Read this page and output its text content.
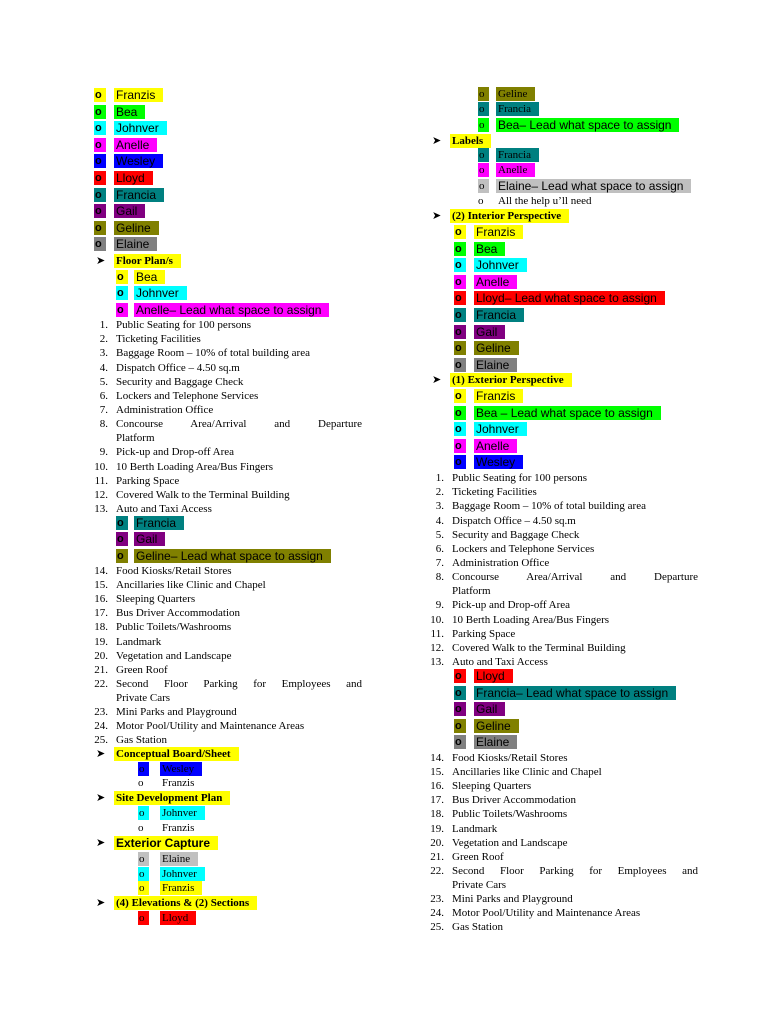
o	Franzis
o	Bea
o	Johnver
o	Anelle
o	Wesley
o	Lloyd
o	Francia
o	Gail
o	Geline
o	Elaine
➤ Floor Plan/s
o	Bea
o	Johnver
o	Anelle– Lead what space to assign
1. Public Seating for 100 persons
2. Ticketing Facilities
3. Baggage Room – 10% of total building area
4. Dispatch Office – 4.50 sq.m
5. Security and Baggage Check
6. Lockers and Telephone Services
7. Administration Office
8. Concourse Area/Arrival and Departure
Platform
9. Pick-up and Drop-off Area
10. 10 Berth Loading Area/Bus Fingers
11. Parking Space
12. Covered Walk to the Terminal Building
13. Auto and Taxi Access
o	Francia
o	Gail
o	Geline– Lead what space to assign
14. Food Kiosks/Retail Stores
15. Ancillaries like Clinic and Chapel
16. Sleeping Quarters
17. Bus Driver Accommodation
18. Public Toilets/Washrooms
19. Landmark
20. Vegetation and Landscape
21. Green Roof
22. Second Floor Parking for Employees and
Private Cars
23. Mini Parks and Playground
24. Motor Pool/Utility and Maintenance Areas
25. Gas Station
➤ Conceptual Board/Sheet
o	Wesley
o Franzis
➤ Site Development Plan
o	Johnver
o Franzis
➤ Exterior Capture
o	Elaine
o	Johnver
o	Franzis
➤ (4) Elevations & (2) Sections
o	Lloyd
o	Geline
o	Francia
o	Bea– Lead what space to assign
➤ Labels
o	Francia
o	Anelle
o	Elaine– Lead what space to assign
o All the help u’ll need
➤ (2) Interior Perspective
o	Franzis
o	Bea
o	Johnver
o	Anelle
o	Lloyd– Lead what space to assign
o	Francia
o	Gail
o	Geline
o	Elaine
➤ (1) Exterior Perspective
o	Franzis
o	Bea – Lead what space to assign
o	Johnver
o	Anelle
o	Wesley
1. Public Seating for 100 persons
2. Ticketing Facilities
3. Baggage Room – 10% of total building area
4. Dispatch Office – 4.50 sq.m
5. Security and Baggage Check
6. Lockers and Telephone Services
7. Administration Office
8. Concourse Area/Arrival and Departure
Platform
9. Pick-up and Drop-off Area
10. 10 Berth Loading Area/Bus Fingers
11. Parking Space
12. Covered Walk to the Terminal Building
13. Auto and Taxi Access
o	Lloyd
o	Francia– Lead what space to assign
o	Gail
o	Geline
o	Elaine
14. Food Kiosks/Retail Stores
15. Ancillaries like Clinic and Chapel
16. Sleeping Quarters
17. Bus Driver Accommodation
18. Public Toilets/Washrooms
19. Landmark
20. Vegetation and Landscape
21. Green Roof
22. Second Floor Parking for Employees and
Private Cars
23. Mini Parks and Playground
24. Motor Pool/Utility and Maintenance Areas
25. Gas Station
